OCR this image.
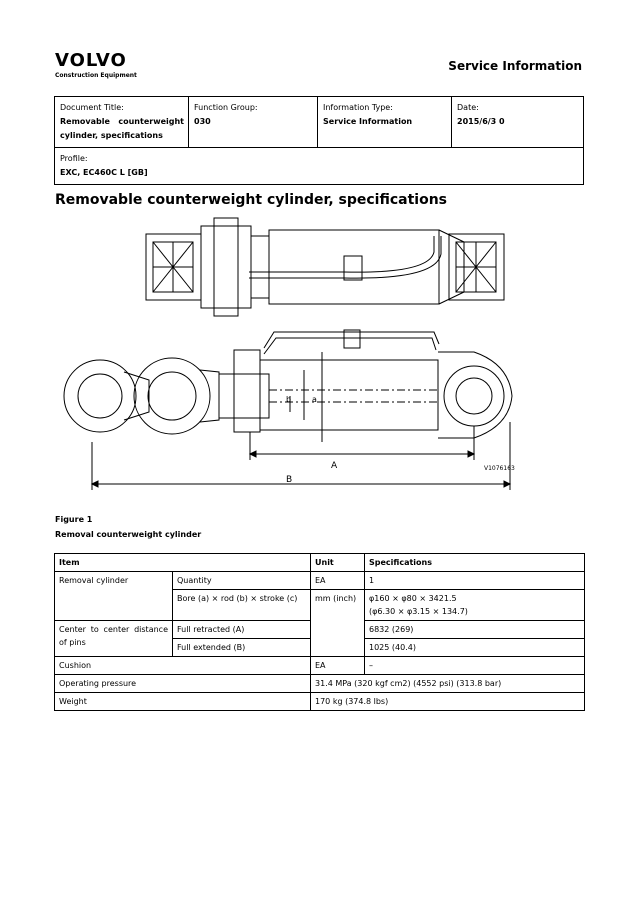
VOLVO
Construction Equipment
Service Information
Document Title:
Removable counterweight cylinder, specifications

Function Group:
030

Information Type:
Service Information

Date:
2015/6/3 0

Profile:
EXC, EC460C L [GB]
Removable counterweight cylinder, specifications
b	a
A
B
V1076163
Figure 1
Removal counterweight cylinder
Item		Unit	Specifications
Removal cylinder	Quantity	EA	1
	Bore (a) × rod (b) × stroke (c)	mm (inch)	φ160 × φ80 × 3421.5
(φ6.30 × φ3.15 × 134.7)

Center to center distance of pins	Full retracted (A)		6832 (269)
	Full extended (B)		1025 (40.4)
Cushion		EA	–
Operating pressure		31.4 MPa (320 kgf cm2) (4552 psi) (313.8 bar)	
Weight		170 kg (374.8 lbs)	
